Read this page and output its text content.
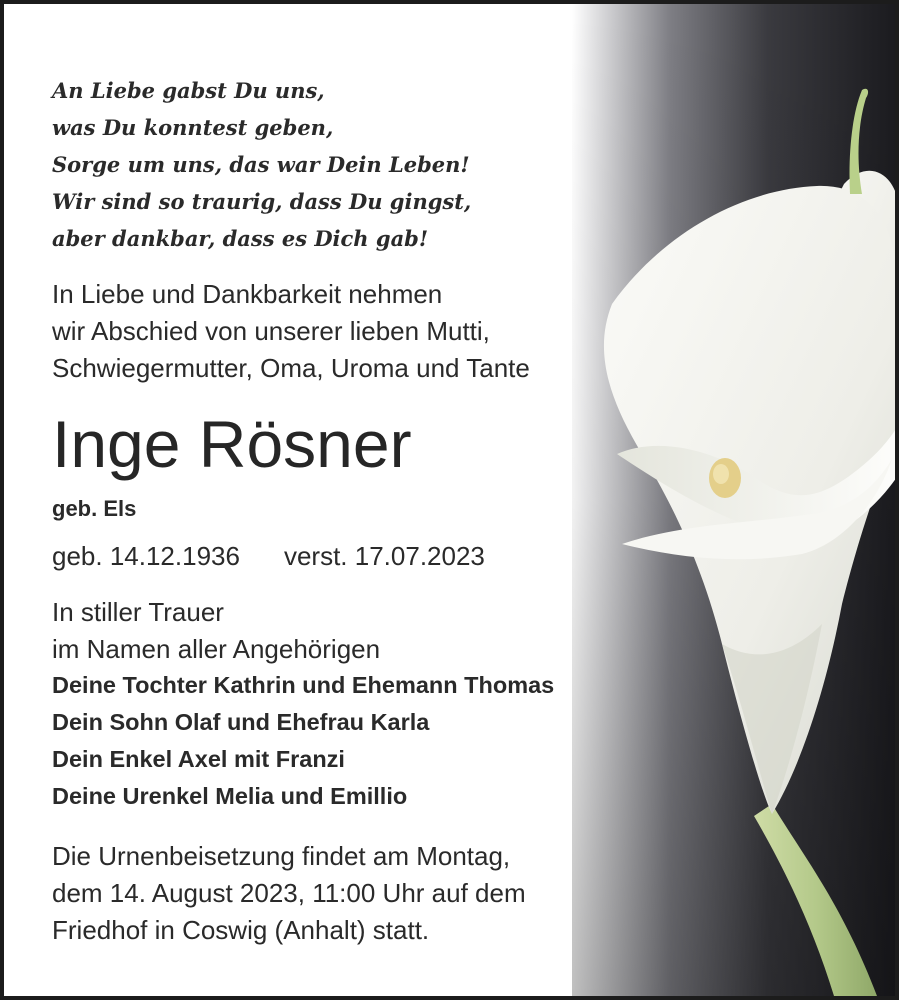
An Liebe gabst Du uns,
was Du konntest geben,
Sorge um uns, das war Dein Leben!
Wir sind so traurig, dass Du gingst,
aber dankbar, dass es Dich gab!
In Liebe und Dankbarkeit nehmen
wir Abschied von unserer lieben Mutti,
Schwiegermutter, Oma, Uroma und Tante
Inge Rösner
geb. Els
geb. 14.12.1936 verst. 17.07.2023
In stiller Trauer
im Namen aller Angehörigen
Deine Tochter Kathrin und Ehemann Thomas
Dein Sohn Olaf und Ehefrau Karla
Dein Enkel Axel mit Franzi
Deine Urenkel Melia und Emillio
Die Urnenbeisetzung findet am Montag,
dem 14. August 2023, 11:00 Uhr auf dem
Friedhof in Coswig (Anhalt) statt.
